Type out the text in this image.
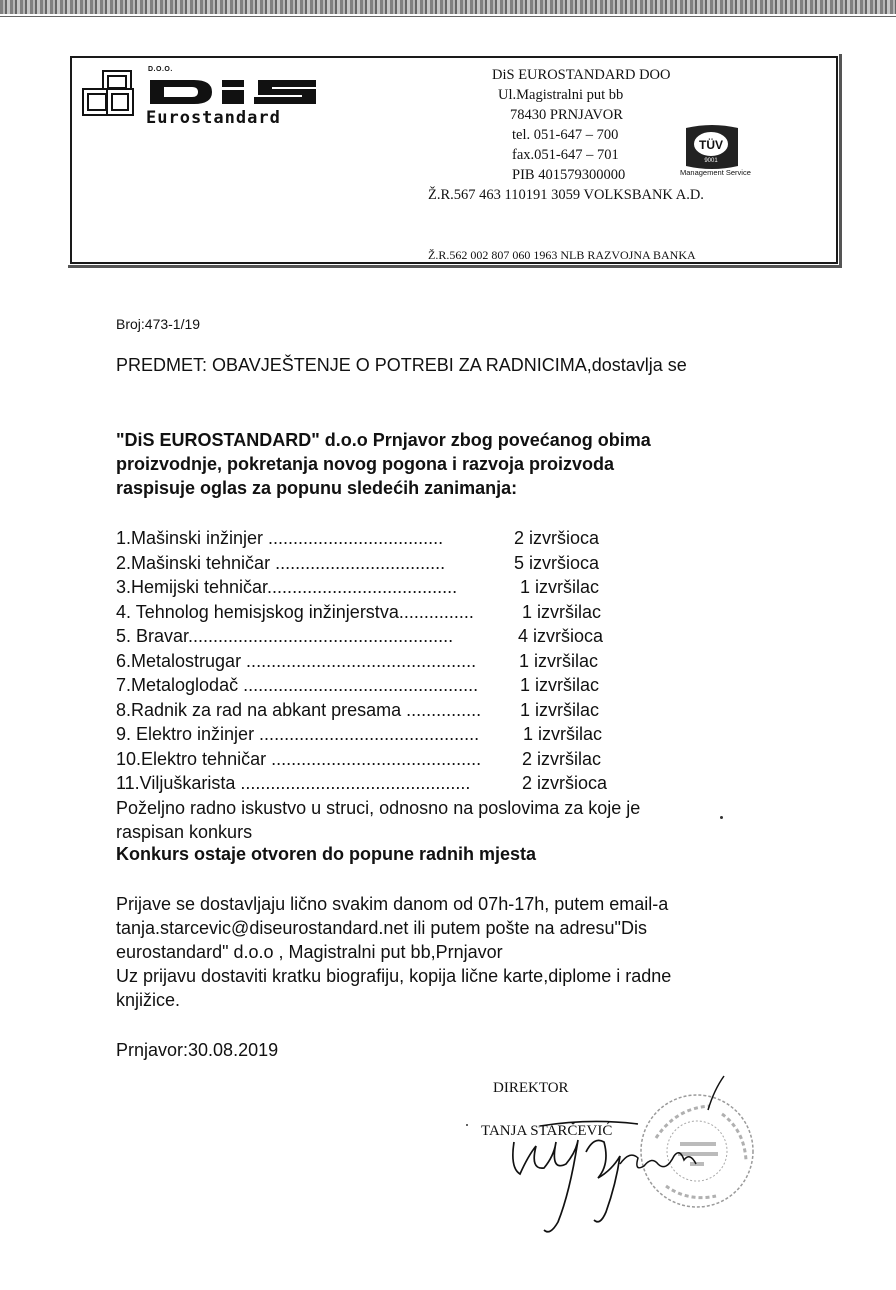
D.O.O.
Eurostandard
DiS EUROSTANDARD DOO
Ul.Magistralni put bb
78430 PRNJAVOR
tel. 051-647 – 700
fax.051-647 – 701
PIB 401579300000
Ž.R.567 463 110191 3059 VOLKSBANK A.D.
TÜV
9001
Management Service
Ž.R.562 002 807 060 1963 NLB RAZVOJNA BANKA
Broj:473-1/19
PREDMET: OBAVJEŠTENJE O POTREBI ZA RADNICIMA,dostavlja se
"DiS EUROSTANDARD" d.o.o Prnjavor zbog povećanog obima
proizvodnje, pokretanja novog pogona i razvoja proizvoda
raspisuje oglas za popunu sledećih zanimanja:
1.Mašinski inžinjer ...................................	2 izvršioca
2.Mašinski tehničar ..................................	5 izvršioca
3.Hemijski tehničar......................................	1 izvršilac
4. Tehnolog hemisjskog inžinjerstva...............	1 izvršilac
5. Bravar.....................................................	4 izvršioca
6.Metalostrugar .............................................. 1 izvršilac
7.Metaloglodač ............................................... 1 izvršilac
8.Radnik za rad na abkant presama ............... 1 izvršilac
9. Elektro inžinjer ............................................ 1 izvršilac
10.Elektro tehničar .......................................... 2 izvršilac
11.Viljuškarista ..............................................	2 izvršioca
Poželjno radno iskustvo u struci, odnosno na poslovima za koje je
raspisan konkurs
Konkurs ostaje otvoren do popune radnih mjesta
Prijave se dostavljaju lično svakim danom od 07h-17h, putem email-a
tanja.starcevic@diseurostandard.net ili putem pošte na adresu"Dis
eurostandard" d.o.o , Magistralni put bb,Prnjavor
Uz prijavu dostaviti kratku biografiju, kopija lične karte,diplome i radne
knjižice.
Prnjavor:30.08.2019
DIREKTOR
TANJA STARČEVIĆ
